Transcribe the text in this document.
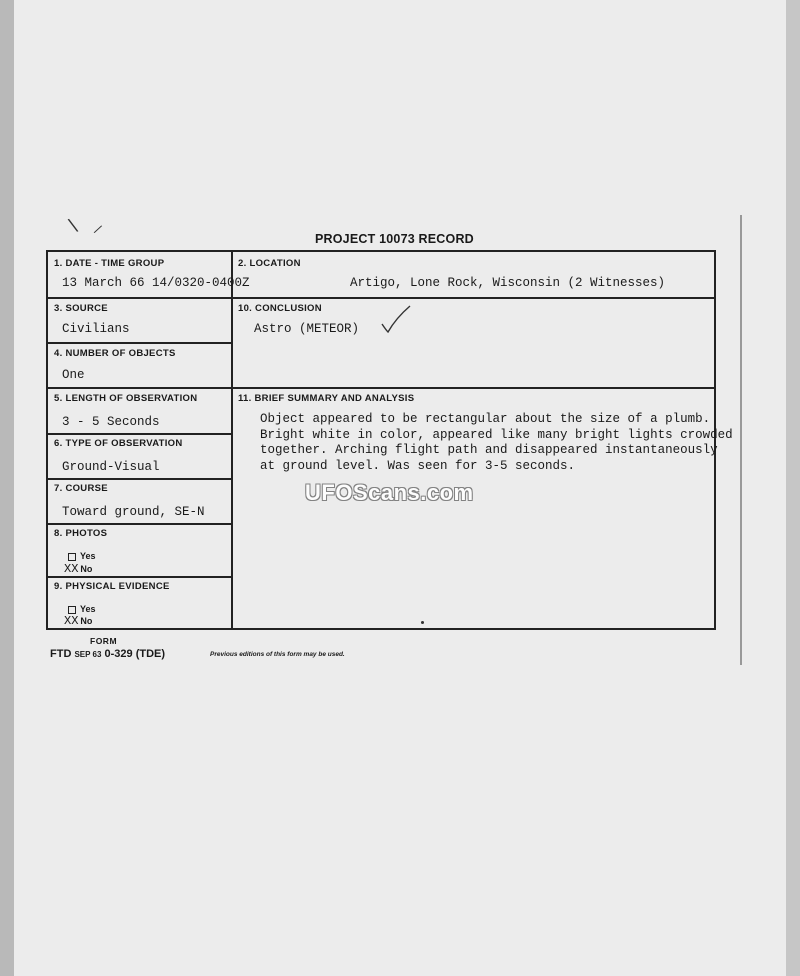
\ /
PROJECT 10073 RECORD
1. DATE - TIME GROUP
13 March 66 14/0320-0400Z
2. LOCATION
Artigo, Lone Rock, Wisconsin (2 Witnesses)
3. SOURCE
Civilians
10. CONCLUSION
Astro (METEOR)
4. NUMBER OF OBJECTS
One
5. LENGTH OF OBSERVATION
3 - 5 Seconds
11. BRIEF SUMMARY AND ANALYSIS
Object appeared to be rectangular about the size of a plumb.
Bright white in color, appeared like many bright lights crowded
together. Arching flight path and disappeared instantaneously
at ground level. Was seen for 3-5 seconds.
6. TYPE OF OBSERVATION
Ground-Visual
7. COURSE
Toward ground, SE-N
8. PHOTOS
Yes
XX No
9. PHYSICAL EVIDENCE
Yes
XX No
UFOScans.com
FORM
FTD SEP 63 0-329 (TDE)	Previous editions of this form may be used.
